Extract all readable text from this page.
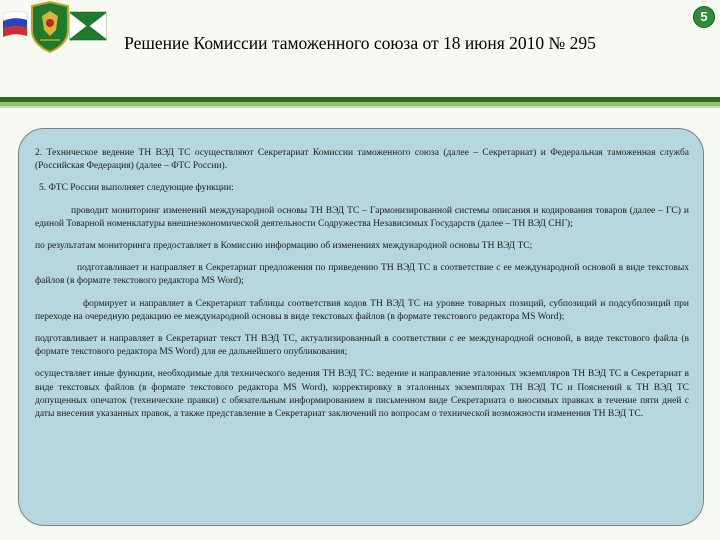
5
Решение Комиссии таможенного союза от 18 июня 2010 № 295

2. Техническое ведение ТН ВЭД ТС осуществляют Секретариат Комиссии таможенного союза (далее – Секретариат) и Федеральная таможенная служба (Российская Федерация) (далее – ФТС России).

5. ФТС России выполняет следующие функции:

проводит мониторинг изменений международной основы ТН ВЭД ТС – Гармонизированной системы описания и кодирования товаров (далее – ГС) и единой Товарной номенклатуры внешнеэкономической деятельности Содружества Независимых Государств (далее – ТН ВЭД СНГ);

по результатам мониторинга предоставляет в Комиссию информацию об изменениях международной основы ТН ВЭД ТС;

подготавливает и направляет в Секретариат предложения по приведению ТН ВЭД ТС в соответствие с ее международной основой в виде текстовых файлов (в формате текстового редактора MS Word);

формирует и направляет в Секретариат таблицы соответствия кодов ТН ВЭД ТС на уровне товарных позиций, субпозиций и подсубпозиций при переходе на очередную редакцию ее международной основы в виде текстовых файлов (в формате текстового редактора MS Word);

подготавливает и направляет в Секретариат текст ТН ВЭД ТС, актуализированный в соответствии с ее международной основой, в виде текстового файла (в формате текстового редактора MS Word) для ее дальнейшего опубликования;

осуществляет иные функции, необходимые для технического ведения ТН ВЭД ТС: ведение и направление эталонных экземпляров ТН ВЭД ТС в Секретариат в виде текстовых файлов (в формате текстового редактора MS Word), корректировку в эталонных экземплярах ТН ВЭД ТС и Пояснений к ТН ВЭД ТС допущенных опечаток (технические правки) с обязательным информированием в письменном виде Секретариата о вносимых правках в течение пяти дней с даты внесения указанных правок, а также представление в Секретариат заключений по вопросам о технической возможности изменения ТН ВЭД ТС.
